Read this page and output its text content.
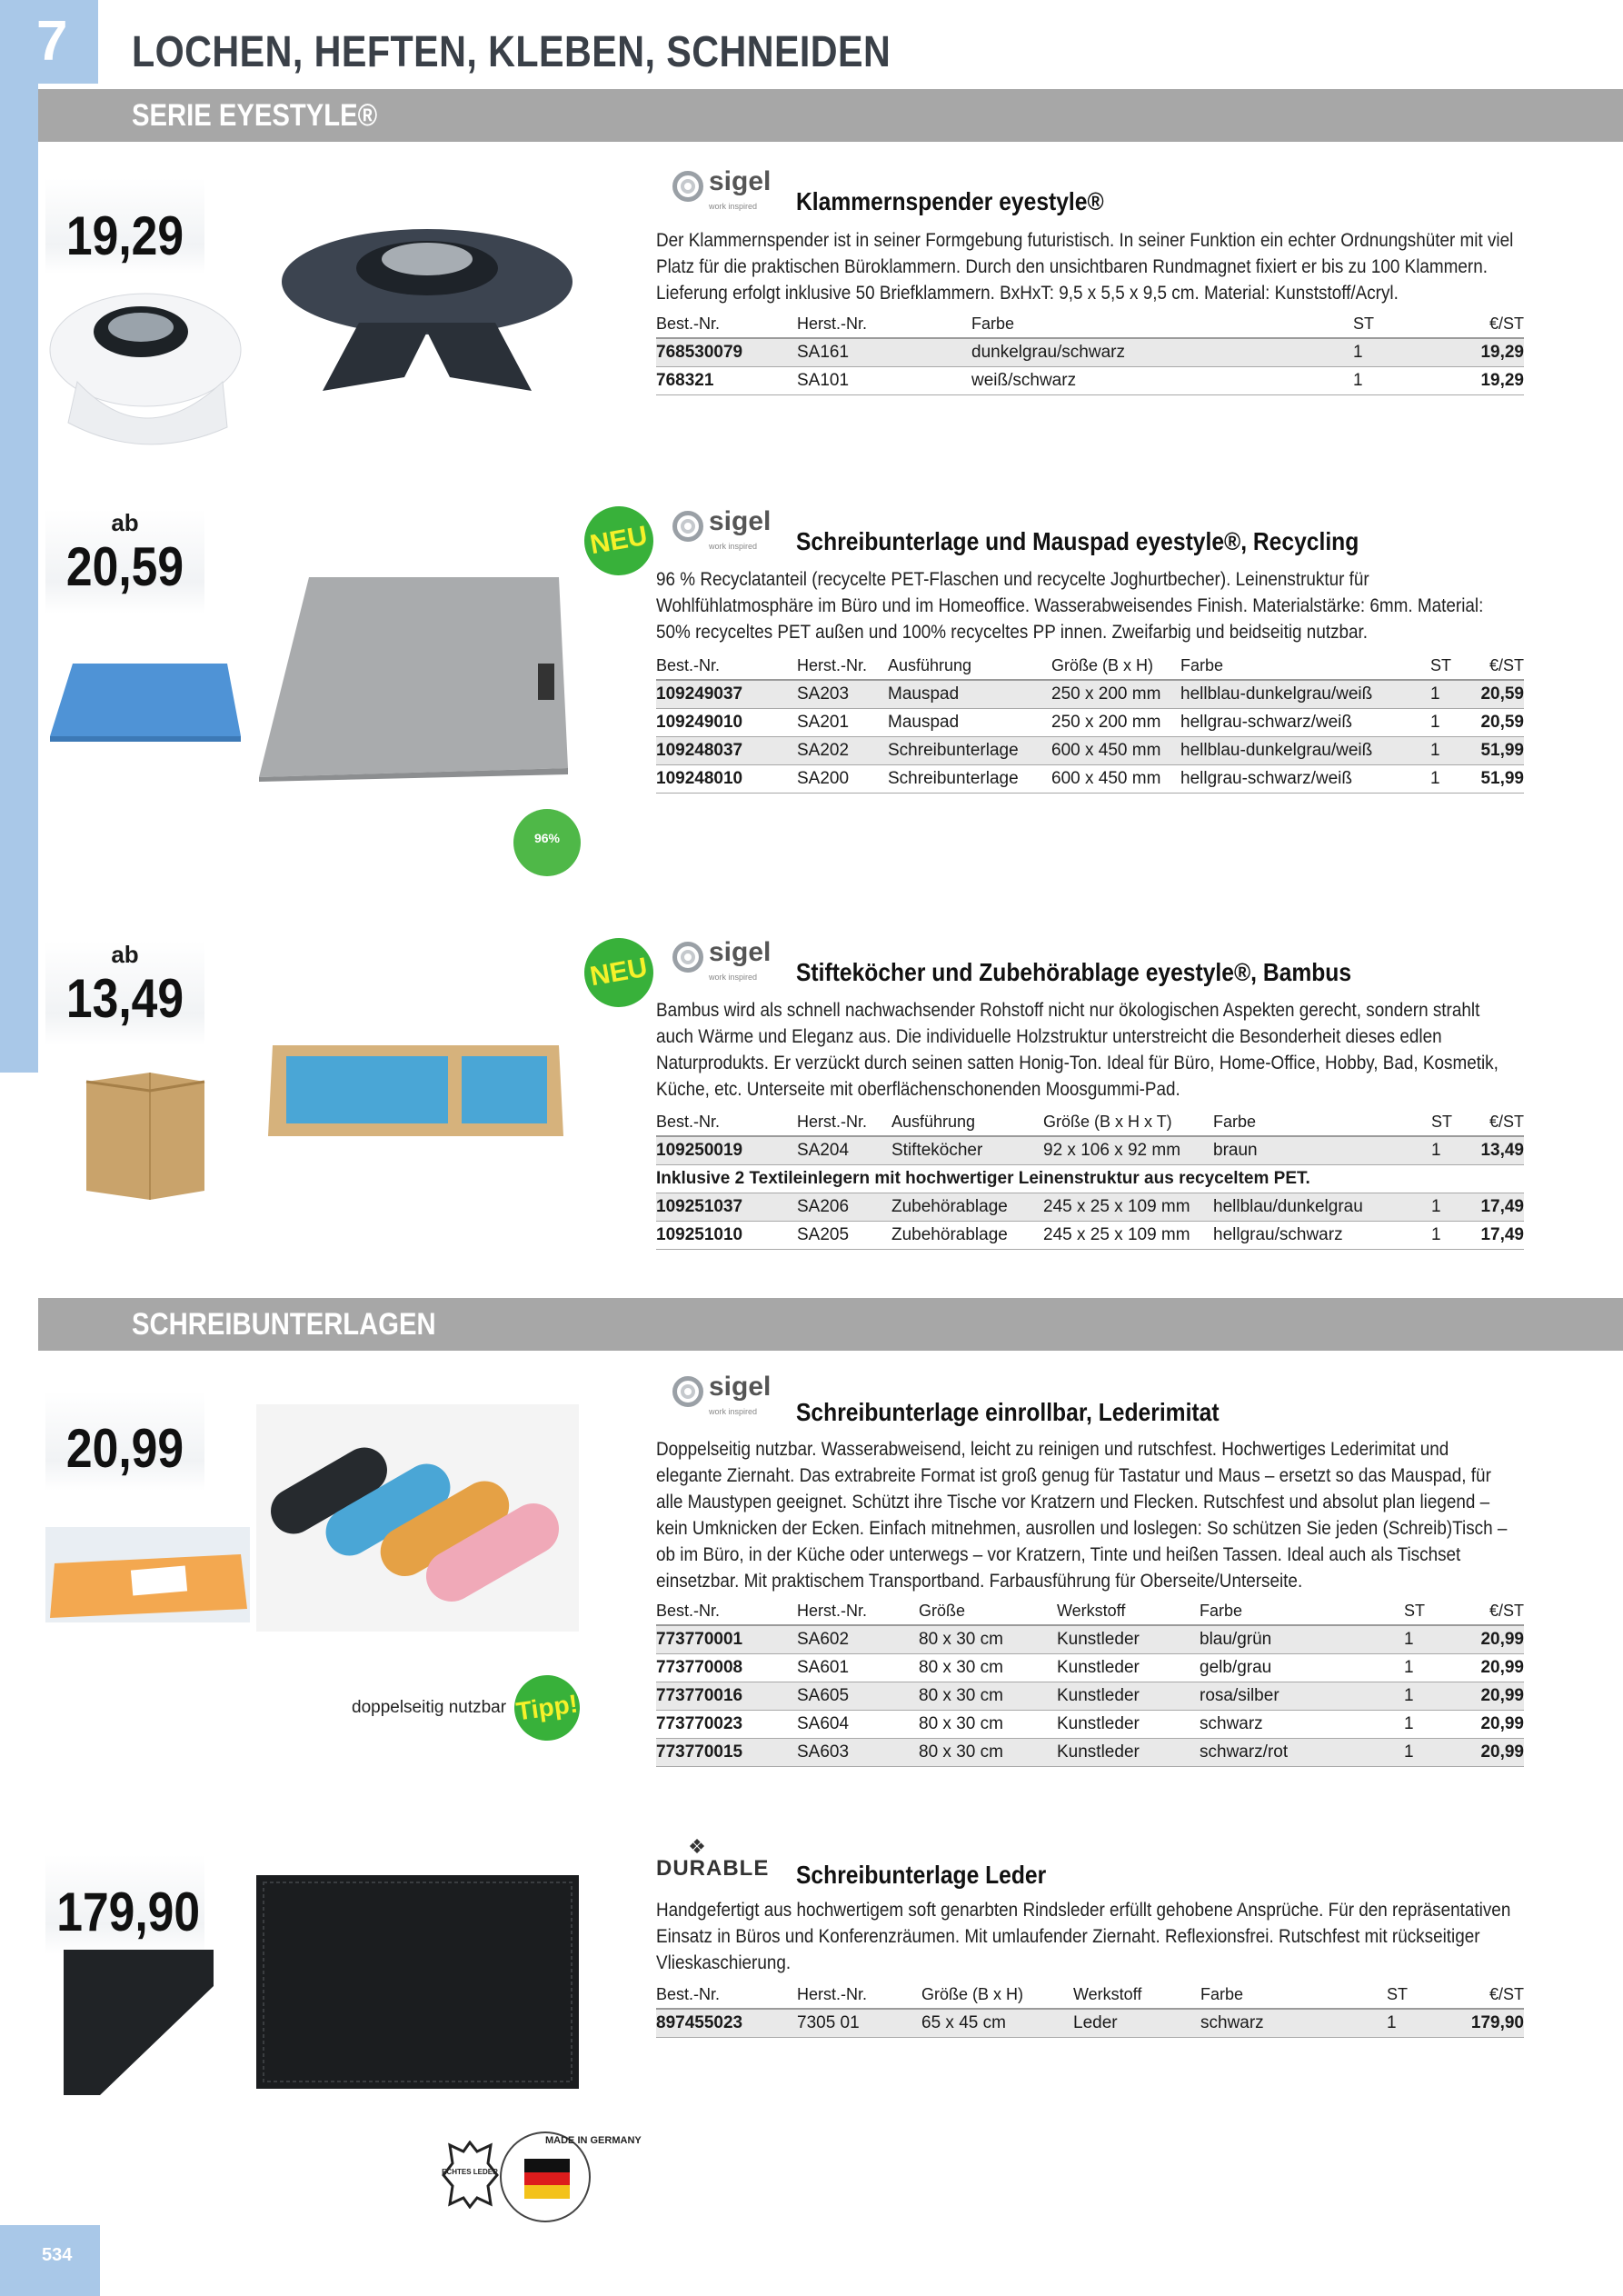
7	LOCHEN, HEFTEN, KLEBEN, SCHNEIDEN
534
SERIE EYESTYLE®
19,29
sigel
work inspired	Klammernspender eyestyle®
Der Klammernspender ist in seiner Formgebung futuristisch. In seiner Funktion ein echter Ordnungshüter mit viel Platz für die praktischen Büroklammern. Durch den unsichtbaren Rundmagnet fixiert er bis zu 100 Klammern. Lieferung erfolgt inklusive 50 Briefklammern. BxHxT: 9,5 x 5,5 x 9,5 cm. Material: Kunststoff/Acryl.
Best.-Nr.	Herst.-Nr.	Farbe	ST	€/ST
768530079	SA161	dunkelgrau/schwarz	1	19,29
768321	SA101	weiß/schwarz	1	19,29
ab
20,59	NEU
96%
sigel
work inspired	Schreibunterlage und Mauspad eyestyle®, Recycling
96 % Recyclatanteil (recycelte PET-Flaschen und recycelte Joghurtbecher). Leinenstruktur für Wohlfühlatmosphäre im Büro und im Homeoffice. Wasserabweisendes Finish. Materialstärke: 6mm. Material: 50% recyceltes PET außen und 100% recyceltes PP innen. Zweifarbig und beidseitig nutzbar.
Best.-Nr.	Herst.-Nr.	Ausführung	Größe (B x H)	Farbe	ST	€/ST
109249037	SA203	Mauspad	250 x 200 mm	hellblau-dunkelgrau/weiß	1	20,59
109249010	SA201	Mauspad	250 x 200 mm	hellgrau-schwarz/weiß	1	20,59
109248037	SA202	Schreibunterlage	600 x 450 mm	hellblau-dunkelgrau/weiß	1	51,99
109248010	SA200	Schreibunterlage	600 x 450 mm	hellgrau-schwarz/weiß	1	51,99
ab
13,49	NEU
sigel
work inspired	Stifteköcher und Zubehörablage eyestyle®, Bambus
Bambus wird als schnell nachwachsender Rohstoff nicht nur ökologischen Aspekten gerecht, sondern strahlt auch Wärme und Eleganz aus. Die individuelle Holzstruktur unterstreicht die Besonderheit dieses edlen Naturprodukts. Er verzückt durch seinen satten Honig-Ton. Ideal für Büro, Home-Office, Hobby, Bad, Kosmetik, Küche, etc. Unterseite mit oberflächenschonenden Moosgummi-Pad.
Best.-Nr.	Herst.-Nr.	Ausführung	Größe (B x H x T)	Farbe	ST	€/ST
109250019	SA204	Stifteköcher	92 x 106 x 92 mm	braun	1	13,49
Inklusive 2 Textileinlegern mit hochwertiger Leinenstruktur aus recyceltem PET.						
109251037	SA206	Zubehörablage	245 x 25 x 109 mm	hellblau/dunkelgrau	1	17,49
109251010	SA205	Zubehörablage	245 x 25 x 109 mm	hellgrau/schwarz	1	17,49
SCHREIBUNTERLAGEN
20,99
doppelseitig nutzbar Tipp!
sigel
work inspired	Schreibunterlage einrollbar, Lederimitat
Doppelseitig nutzbar. Wasserabweisend, leicht zu reinigen und rutschfest. Hochwertiges Lederimitat und elegante Ziernaht. Das extrabreite Format ist groß genug für Tastatur und Maus – ersetzt so das Mauspad, für alle Maustypen geeignet. Schützt ihre Tische vor Kratzern und Flecken. Rutschfest und absolut plan liegend – kein Umknicken der Ecken. Einfach mitnehmen, ausrollen und loslegen: So schützen Sie jeden (Schreib)Tisch – ob im Büro, in der Küche oder unterwegs – vor Kratzern, Tinte und heißen Tassen. Ideal auch als Tischset einsetzbar. Mit praktischem Transportband. Farbausführung für Oberseite/Unterseite.
Best.-Nr.	Herst.-Nr.	Größe	Werkstoff	Farbe	ST	€/ST
773770001	SA602	80 x 30 cm	Kunstleder	blau/grün	1	20,99
773770008	SA601	80 x 30 cm	Kunstleder	gelb/grau	1	20,99
773770016	SA605	80 x 30 cm	Kunstleder	rosa/silber	1	20,99
773770023	SA604	80 x 30 cm	Kunstleder	schwarz	1	20,99
773770015	SA603	80 x 30 cm	Kunstleder	schwarz/rot	1	20,99
179,90
❖
DURABLE Schreibunterlage Leder
Handgefertigt aus hochwertigem soft genarbten Rindsleder erfüllt gehobene Ansprüche. Für den repräsentativen Einsatz in Büros und Konferenzräumen. Mit umlaufender Ziernaht. Reflexionsfrei. Rutschfest mit rückseitiger Vlieskaschierung.
Best.-Nr.	Herst.-Nr.	Größe (B x H)	Werkstoff	Farbe	ST	€/ST
897455023	7305 01	65 x 45 cm	Leder	schwarz	1	179,90
ECHTES LEDER
MADE IN GERMANY
